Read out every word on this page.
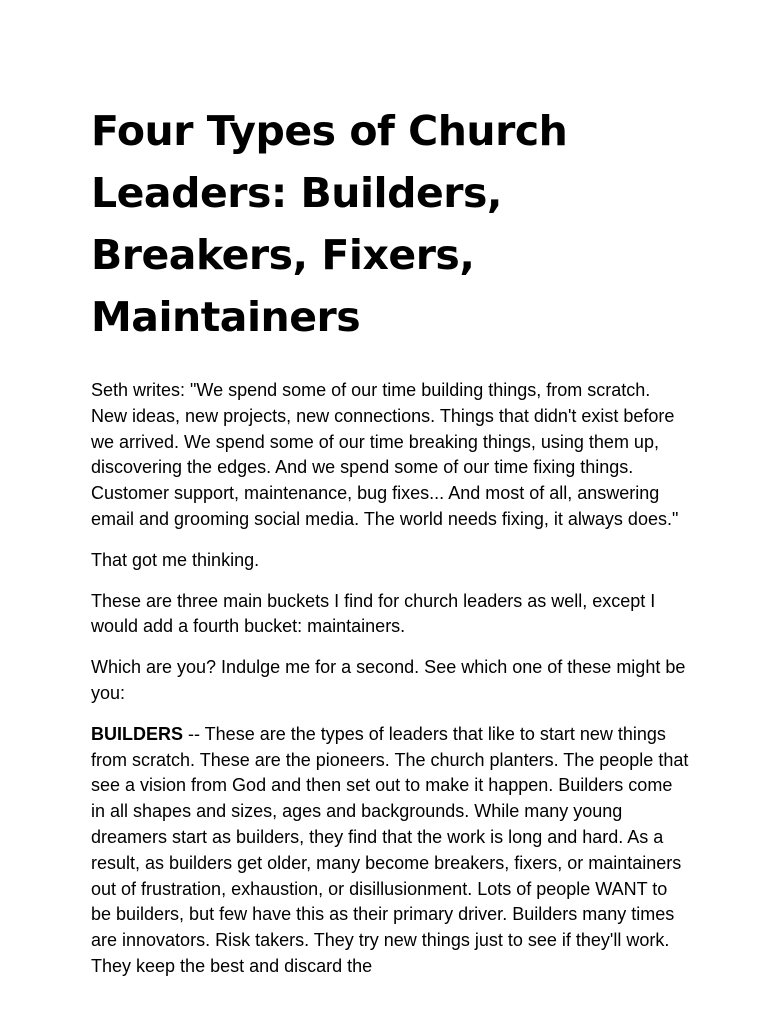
Four Types of Church Leaders: Builders, Breakers, Fixers, Maintainers

Seth writes: "We spend some of our time building things, from scratch. New ideas, new projects, new connections. Things that didn't exist before we arrived. We spend some of our time breaking things, using them up, discovering the edges. And we spend some of our time fixing things. Customer support, maintenance, bug fixes... And most of all, answering email and grooming social media. The world needs fixing, it always does."

That got me thinking.

These are three main buckets I find for church leaders as well, except I would add a fourth bucket: maintainers.

Which are you? Indulge me for a second. See which one of these might be you:

BUILDERS -- These are the types of leaders that like to start new things from scratch. These are the pioneers. The church planters. The people that see a vision from God and then set out to make it happen. Builders come in all shapes and sizes, ages and backgrounds. While many young dreamers start as builders, they find that the work is long and hard. As a result, as builders get older, many become breakers, fixers, or maintainers out of frustration, exhaustion, or disillusionment. Lots of people WANT to be builders, but few have this as their primary driver. Builders many times are innovators. Risk takers. They try new things just to see if they'll work. They keep the best and discard the
